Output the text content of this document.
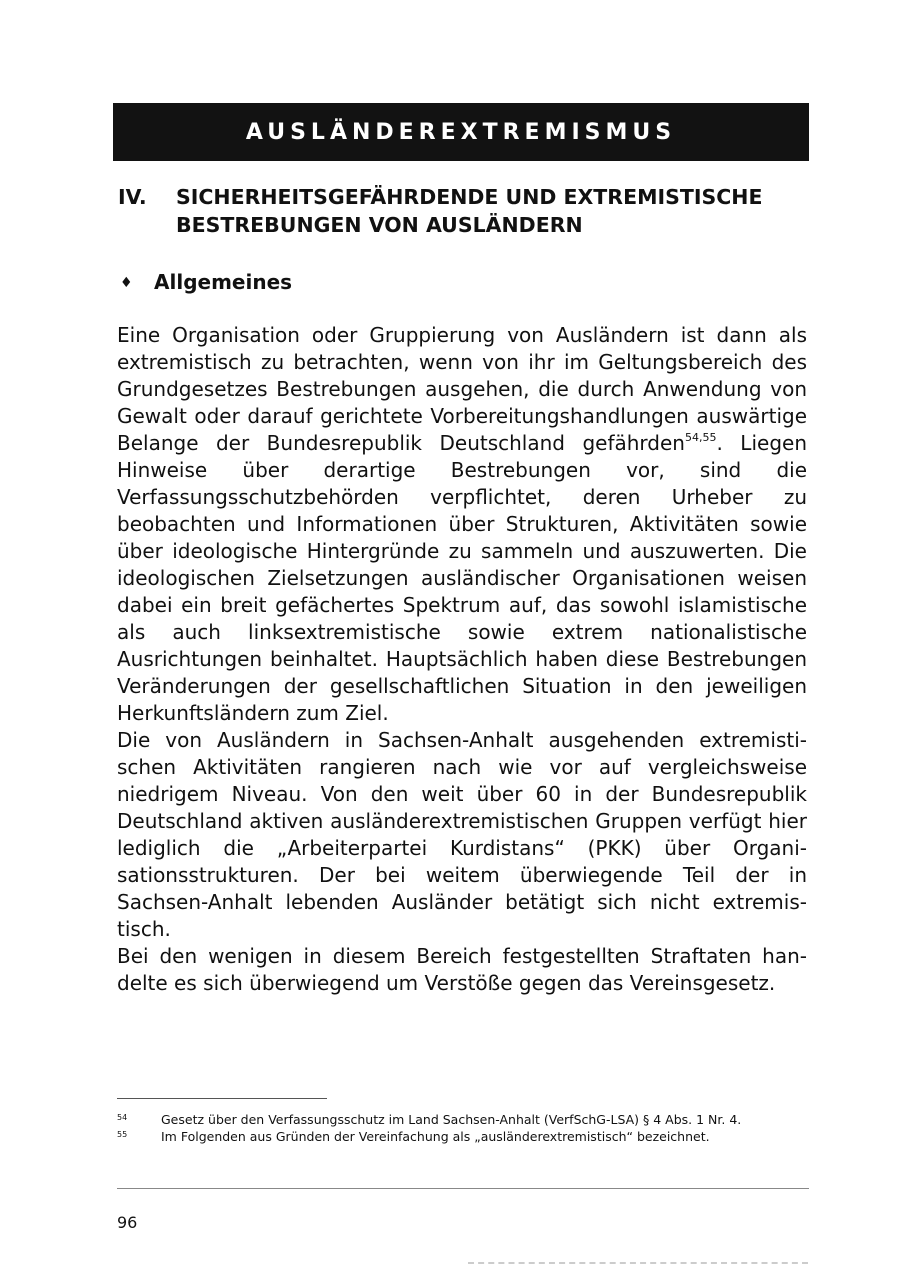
AUSLÄNDEREXTREMISMUS
IV. SICHERHEITSGEFÄHRDENDE UND EXTREMISTISCHE
BESTREBUNGEN VON AUSLÄNDERN
♦ Allgemeines

Eine Organisation oder Gruppierung von Ausländern ist dann als extremistisch zu betrachten, wenn von ihr im Geltungsbereich des Grundgesetzes Bestrebungen ausgehen, die durch Anwendung von Gewalt oder darauf gerichtete Vorbereitungshandlungen auswärtige Belange der Bundesrepublik Deutschland gefährden$^{54,55}$. Liegen Hinweise über derartige Bestrebungen vor, sind die Verfassungsschutzbehörden verpflichtet, deren Urheber zu beobachten und Informationen über Strukturen, Aktivitäten sowie über ideologische Hintergründe zu sammeln und auszuwerten. Die ideologischen Zielsetzungen ausländischer Organisationen weisen dabei ein breit gefächertes Spektrum auf, das sowohl islamistische als auch linksextremistische sowie extrem nationalistische Ausrichtungen beinhaltet. Hauptsächlich haben diese Bestrebungen Veränderungen der gesellschaftlichen Situation in den jeweiligen Herkunftsländern zum Ziel.

Die von Ausländern in Sachsen-Anhalt ausgehenden extremistischen Aktivitäten rangieren nach wie vor auf vergleichsweise niedrigem Niveau. Von den weit über 60 in der Bundesrepublik Deutschland aktiven ausländerextremistischen Gruppen verfügt hier lediglich die „Arbeiterpartei Kurdistans“ (PKK) über Organisationsstrukturen. Der bei weitem überwiegende Teil der in Sachsen-Anhalt lebenden Ausländer betätigt sich nicht extremistisch.

Bei den wenigen in diesem Bereich festgestellten Straftaten handelte es sich überwiegend um Verstöße gegen das Vereinsgesetz.

54	Gesetz über den Verfassungsschutz im Land Sachsen-Anhalt (VerfSchG-LSA) § 4 Abs. 1 Nr. 4.
55	Im Folgenden aus Gründen der Vereinfachung als „ausländerextremistisch“ bezeichnet.
96
